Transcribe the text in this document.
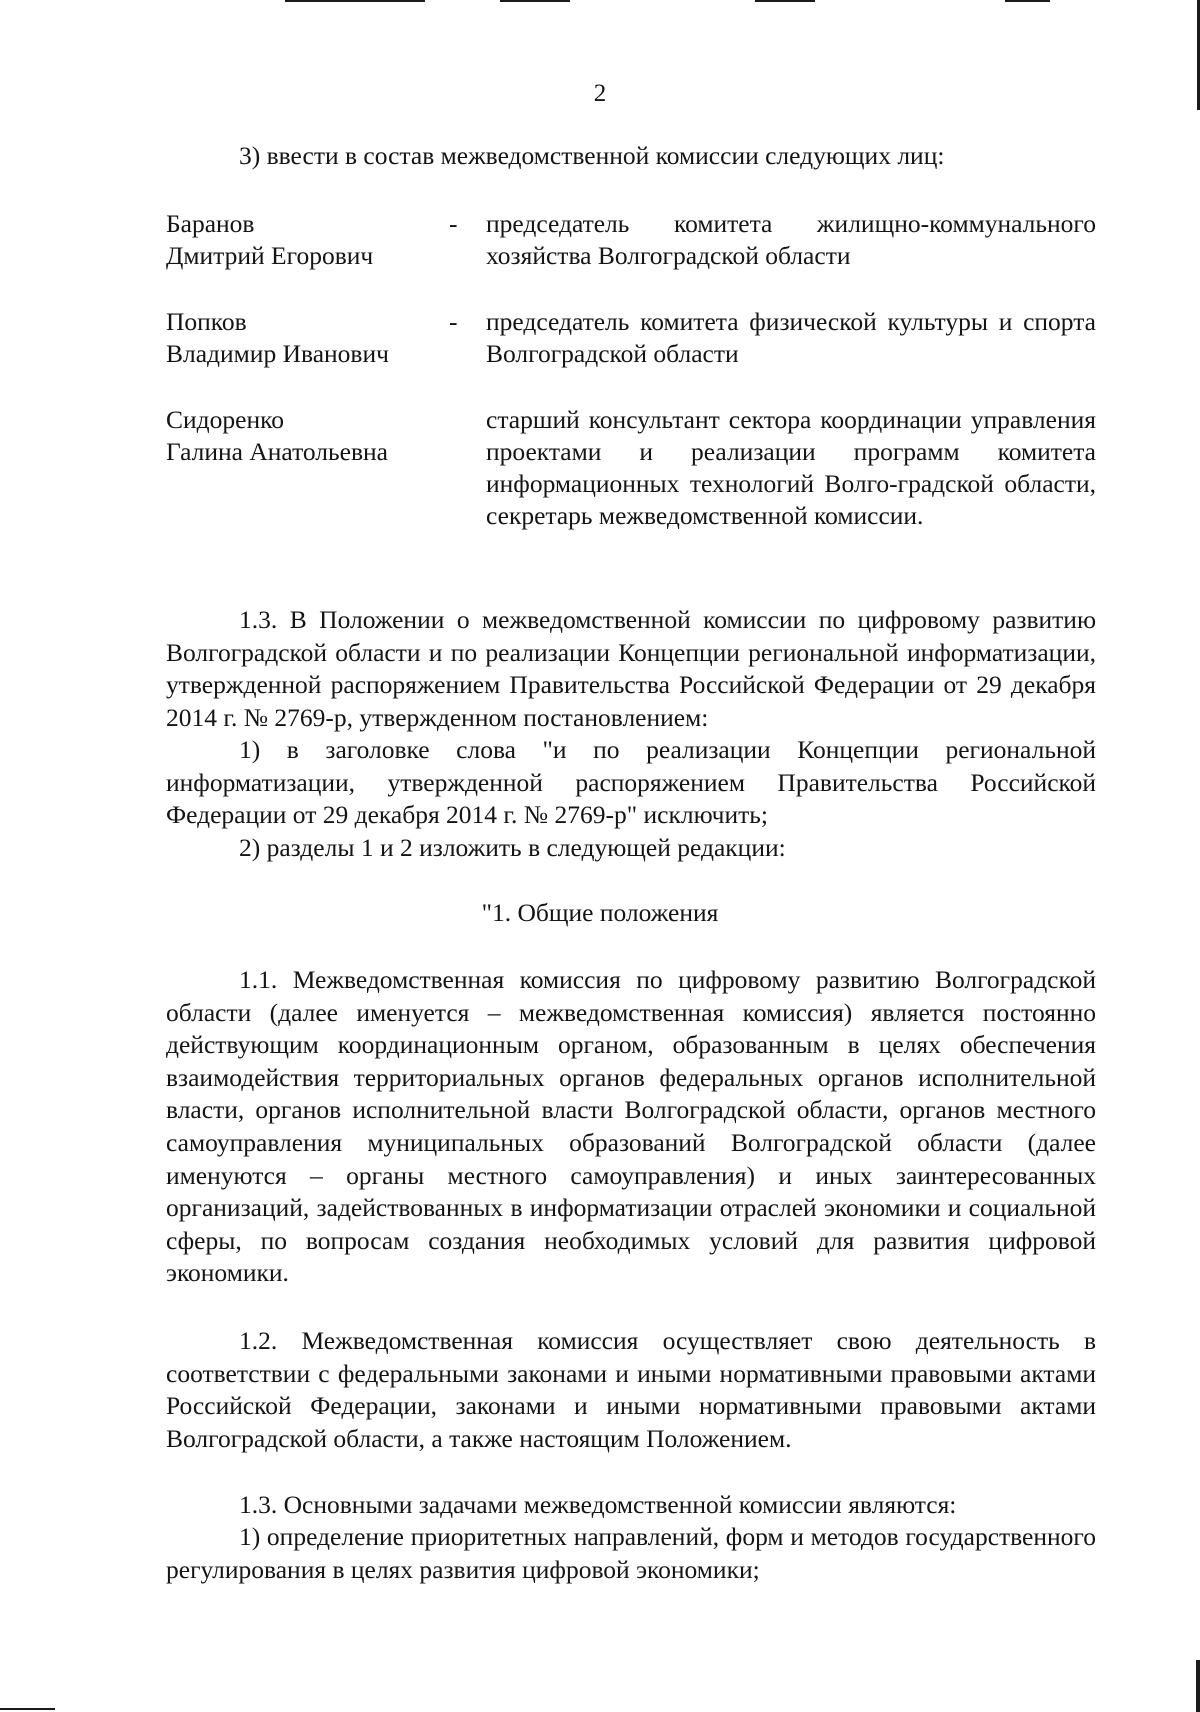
2

3) ввести в состав межведомственной комиссии следующих лиц:

Баранов
Дмитрий Егорович
- председатель комитета жилищно-коммунального хозяйства Волгоградской области
Попков
Владимир Иванович
- председатель комитета физической культуры и спорта Волгоградской области
Сидоренко
Галина Анатольевна
старший консультант сектора координации управления проектами и реализации программ комитета информационных технологий Волго-градской области, секретарь межведомственной комиссии.

1.3. В Положении о межведомственной комиссии по цифровому развитию Волгоградской области и по реализации Концепции региональной информатизации, утвержденной распоряжением Правительства Российской Федерации от 29 декабря 2014 г. № 2769-р, утвержденном постановлением:

1) в заголовке слова "и по реализации Концепции региональной информатизации, утвержденной распоряжением Правительства Российской Федерации от 29 декабря 2014 г. № 2769-р" исключить;

2) разделы 1 и 2 изложить в следующей редакции:

"1. Общие положения

1.1. Межведомственная комиссия по цифровому развитию Волгоградской области (далее именуется – межведомственная комиссия) является постоянно действующим координационным органом, образованным в целях обеспечения взаимодействия территориальных органов федеральных органов исполнительной власти, органов исполнительной власти Волгоградской области, органов местного самоуправления муниципальных образований Волгоградской области (далее именуются – органы местного самоуправления) и иных заинтересованных организаций, задействованных в информатизации отраслей экономики и социальной сферы, по вопросам создания необходимых условий для развития цифровой экономики.

1.2. Межведомственная комиссия осуществляет свою деятельность в соответствии с федеральными законами и иными нормативными правовыми актами Российской Федерации, законами и иными нормативными правовыми актами Волгоградской области, а также настоящим Положением.

1.3. Основными задачами межведомственной комиссии являются:

1) определение приоритетных направлений, форм и методов государственного регулирования в целях развития цифровой экономики;
